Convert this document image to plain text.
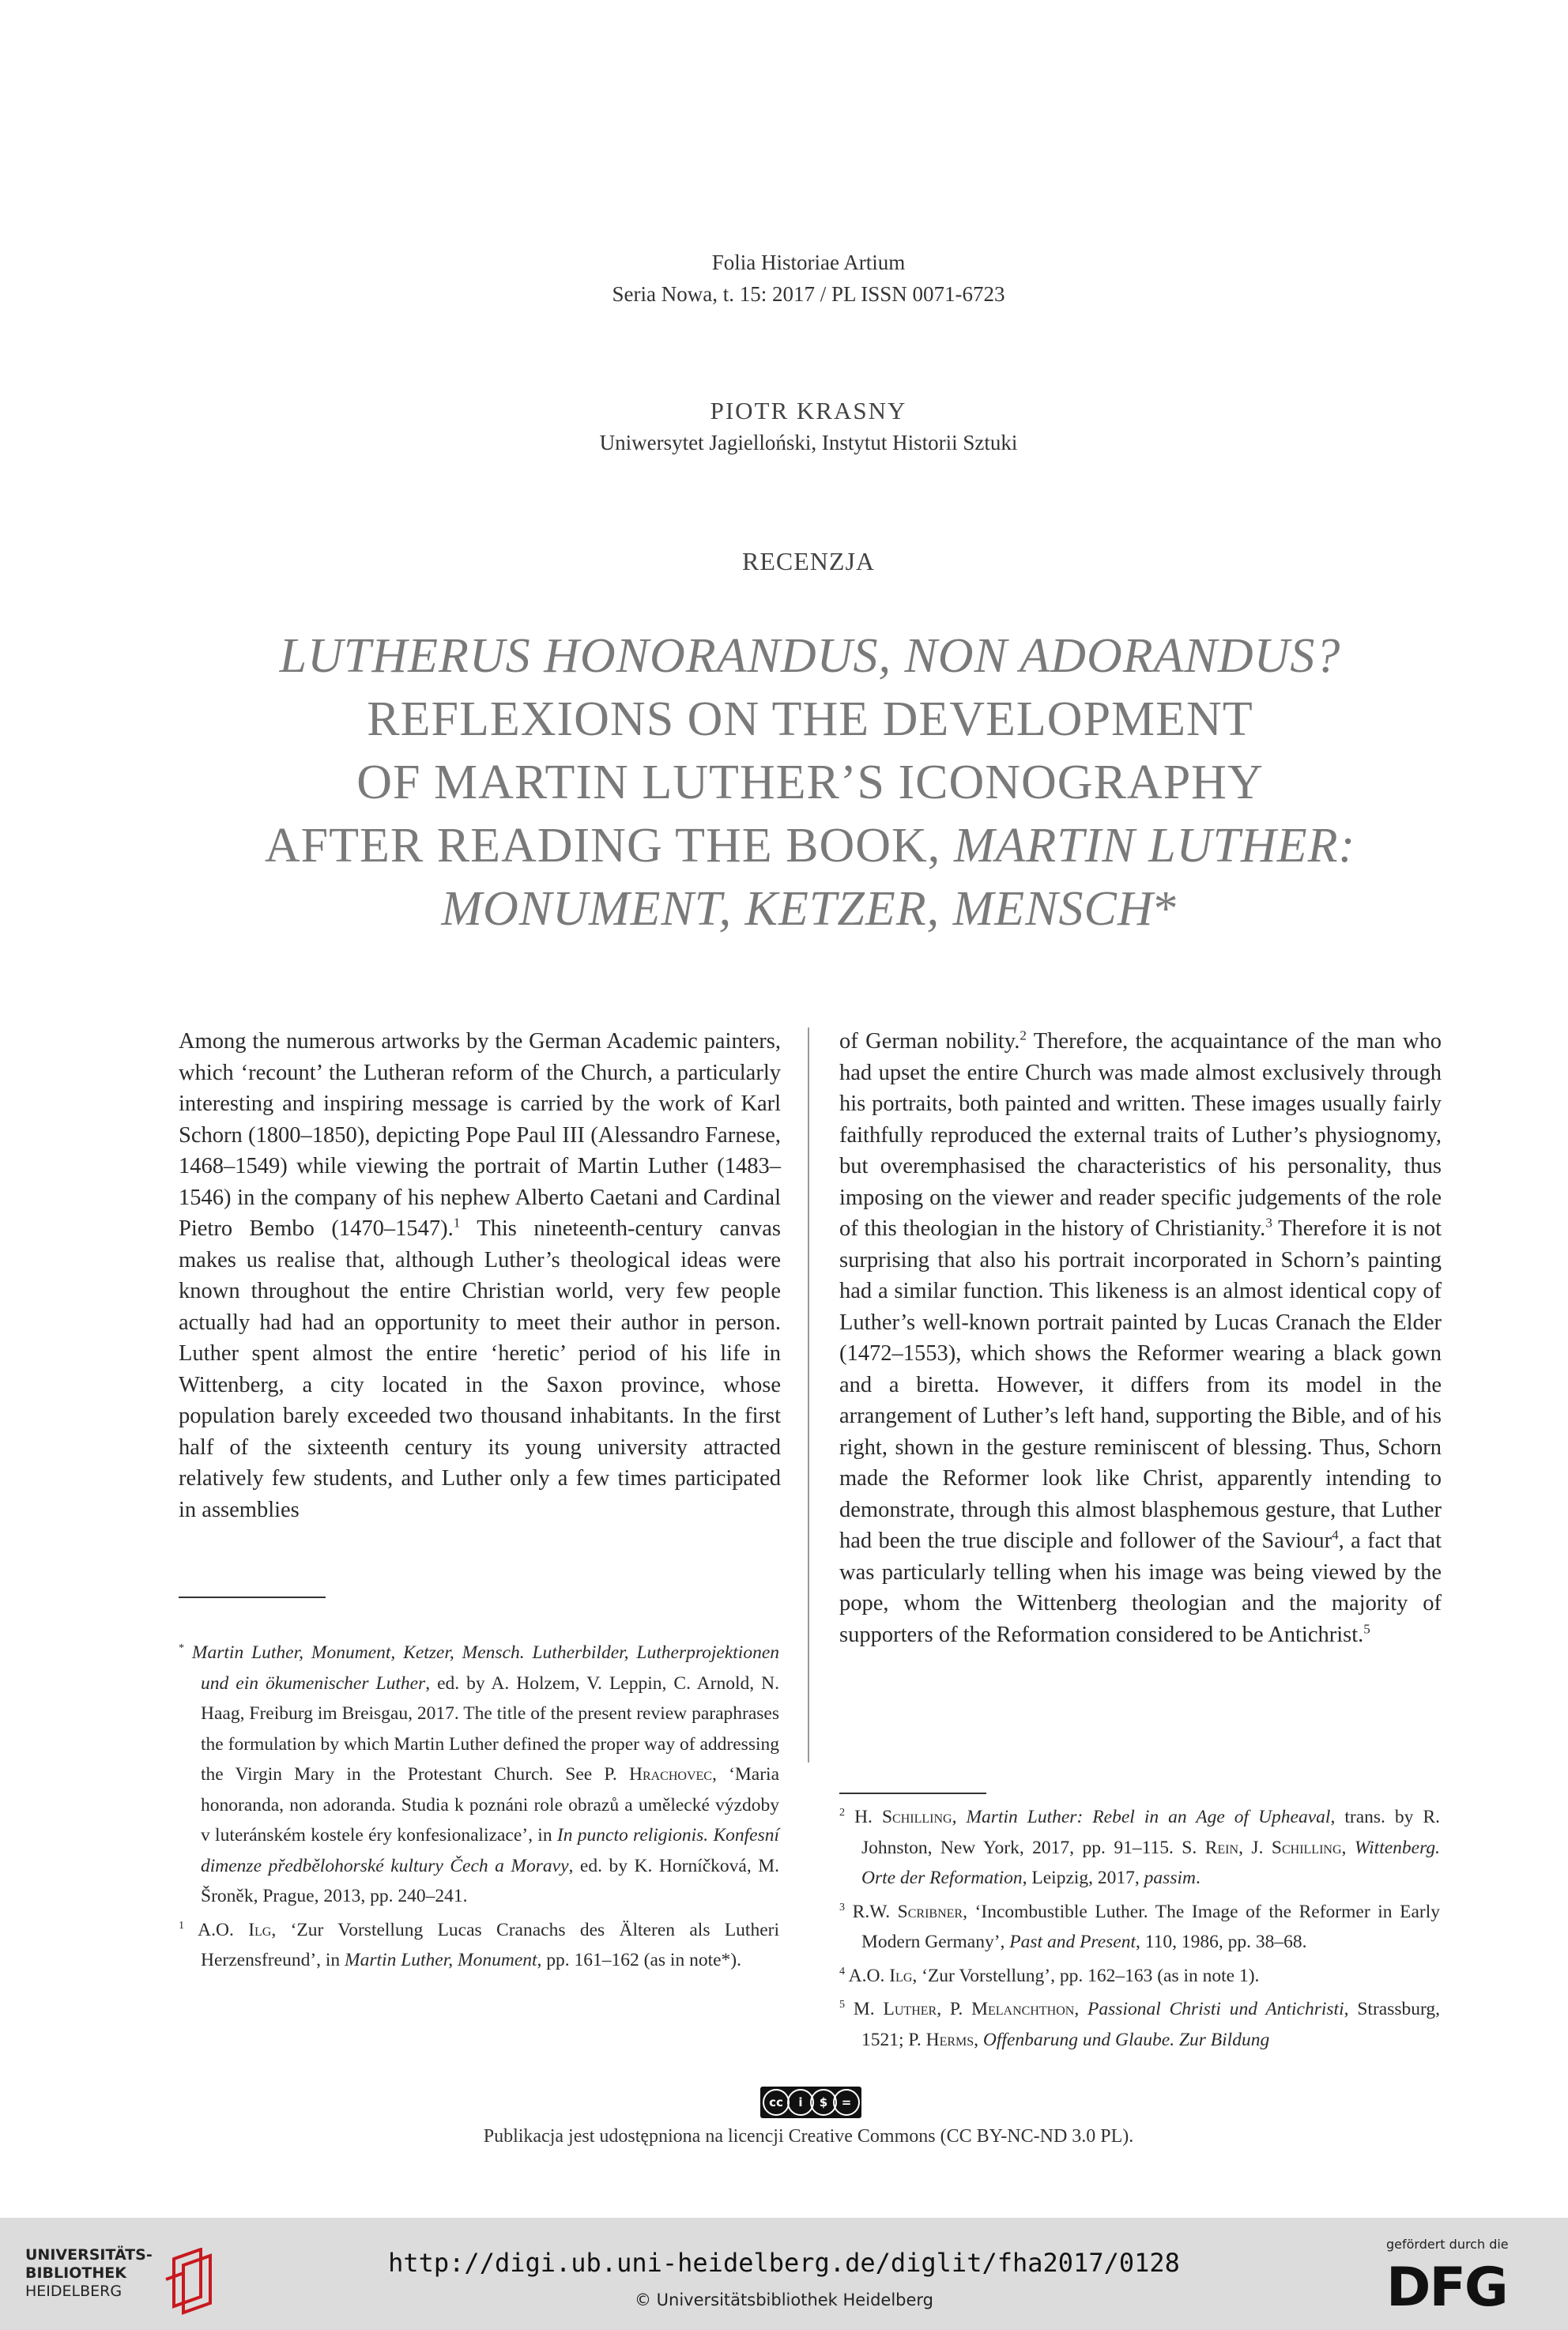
Folia Historiae Artium
Seria Nowa, t. 15: 2017 / PL ISSN 0071-6723
PIOTR KRASNY
Uniwersytet Jagielloński, Instytut Historii Sztuki
RECENZJA
LUTHERUS HONORANDUS, NON ADORANDUS?
REFLEXIONS ON THE DEVELOPMENT
OF MARTIN LUTHER’S ICONOGRAPHY
AFTER READING THE BOOK, MARTIN LUTHER:
MONUMENT, KETZER, MENSCH*
Among the numerous artworks by the German Academic painters, which ‘recount’ the Lutheran reform of the Church, a particularly interesting and inspiring message is carried by the work of Karl Schorn (1800–1850), depicting Pope Paul III (Alessandro Farnese, 1468–1549) while viewing the portrait of Martin Luther (1483–1546) in the company of his nephew Alberto Caetani and Cardinal Pietro Bembo (1470–1547).$^1$ This nineteenth-century canvas makes us realise that, although Luther’s theological ideas were known throughout the entire Christian world, very few people actually had had an opportunity to meet their author in person. Luther spent almost the entire ‘heretic’ period of his life in Wittenberg, a city located in the Saxon province, whose population barely exceeded two thousand inhabitants. In the first half of the sixteenth century its young university attracted relatively few students, and Luther only a few times participated in assemblies
of German nobility.$^2$ Therefore, the acquaintance of the man who had upset the entire Church was made almost exclusively through his portraits, both painted and written. These images usually fairly faithfully reproduced the external traits of Luther’s physiognomy, but overemphasised the characteristics of his personality, thus imposing on the viewer and reader specific judgements of the role of this theologian in the history of Christianity.$^3$ Therefore it is not surprising that also his portrait incorporated in Schorn’s painting had a similar function. This likeness is an almost identical copy of Luther’s well-known portrait painted by Lucas Cranach the Elder (1472–1553), which shows the Reformer wearing a black gown and a biretta. However, it differs from its model in the arrangement of Luther’s left hand, supporting the Bible, and of his right, shown in the gesture reminiscent of blessing. Thus, Schorn made the Reformer look like Christ, apparently intending to demonstrate, through this almost blasphemous gesture, that Luther had been the true disciple and follower of the Saviour$^4$, a fact that was particularly telling when his image was being viewed by the pope, whom the Wittenberg theologian and the majority of supporters of the Reformation considered to be Antichrist.$^5$

* Martin Luther, Monument, Ketzer, Mensch. Lutherbilder, Lutherprojektionen und ein ökumenischer Luther, ed. by A. Holzem, V. Leppin, C. Arnold, N. Haag, Freiburg im Breisgau, 2017. The title of the present review paraphrases the formulation by which Martin Luther defined the proper way of addressing the Virgin Mary in the Protestant Church. See P. Hrachovec, ‘Maria honoranda, non adoranda. Studia k poznáni role obrazů a umělecké výzdoby v luteránském kostele éry konfesionalizace’, in In puncto religionis. Konfesní dimenze předbělohorské kultury Čech a Moravy, ed. by K. Horníčková, M. Šroněk, Prague, 2013, pp. 240–241.

$^1$ A.O. Ilg, ‘Zur Vorstellung Lucas Cranachs des Älteren als Lutheri Herzensfreund’, in Martin Luther, Monument, pp. 161–162 (as in note*).

$^2$ H. Schilling, Martin Luther: Rebel in an Age of Upheaval, trans. by R. Johnston, New York, 2017, pp. 91–115. S. Rein, J. Schilling, Wittenberg. Orte der Reformation, Leipzig, 2017, passim.

$^3$ R.W. Scribner, ‘Incombustible Luther. The Image of the Reformer in Early Modern Germany’, Past and Present, 110, 1986, pp. 38–68.

$^4$ A.O. Ilg, ‘Zur Vorstellung’, pp. 162–163 (as in note 1).

$^5$ M. Luther, P. Melanchthon, Passional Christi und Antichristi, Strassburg, 1521; P. Herms, Offenbarung und Glaube. Zur Bildung

cc	i	$	=
Publikacja jest udostępniona na licencji Creative Commons (CC BY-NC-ND 3.0 PL).
UNIVERSITÄTS-
BIBLIOTHEK
HEIDELBERG
http://digi.ub.uni-heidelberg.de/diglit/fha2017/0128
© Universitätsbibliothek Heidelberg
gefördert durch die
DFG
